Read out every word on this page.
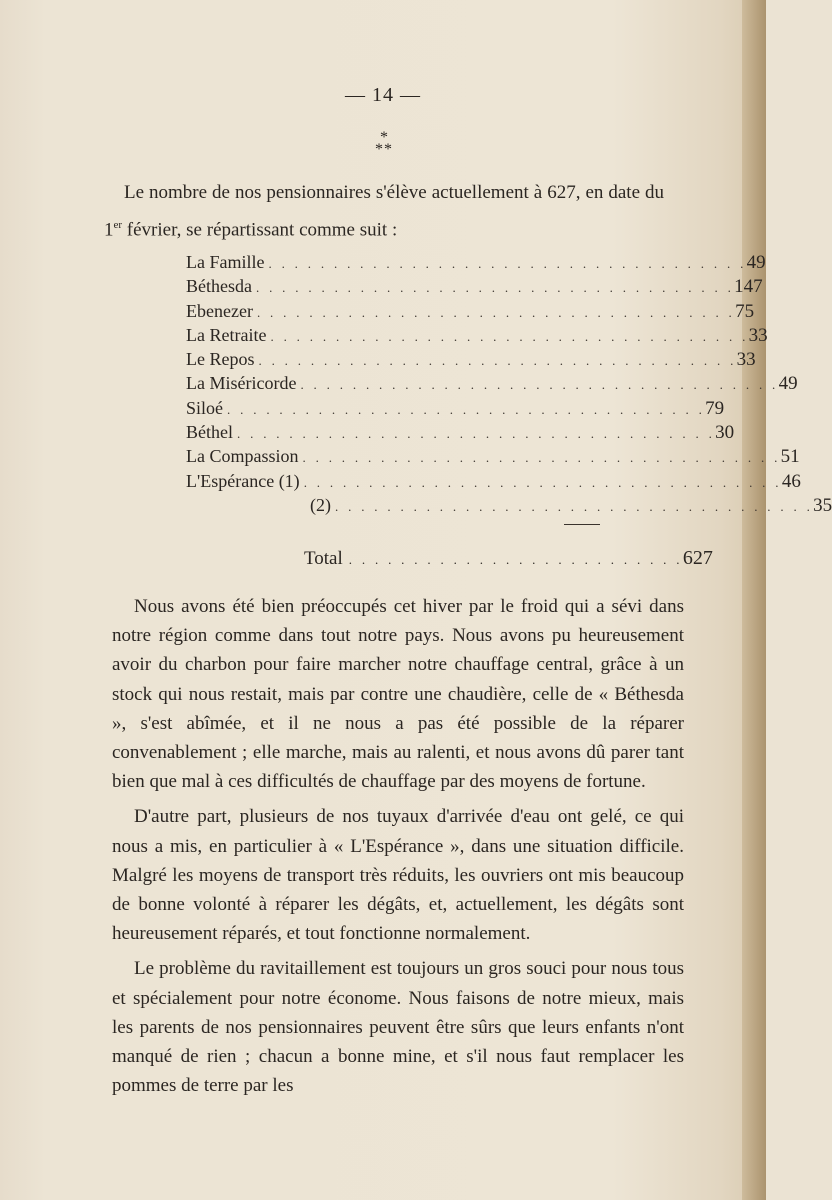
— 14 —
*
**
Le nombre de nos pensionnaires s'élève actuellement à 627, en date du 1er février, se répartissant comme suit :
La Famille . . . . . . . . . . . . . . . . . . . . . . . . . . . . . . . . . . . . . 49
Béthesda . . . . . . . . . . . . . . . . . . . . . . . . . . . . . . . . . . . . . 147
Ebenezer . . . . . . . . . . . . . . . . . . . . . . . . . . . . . . . . . . . . . 75
La Retraite . . . . . . . . . . . . . . . . . . . . . . . . . . . . . . . . . . . . . 33
Le Repos . . . . . . . . . . . . . . . . . . . . . . . . . . . . . . . . . . . . . 33
La Miséricorde . . . . . . . . . . . . . . . . . . . . . . . . . . . . . . . . . . . . . 49
Siloé . . . . . . . . . . . . . . . . . . . . . . . . . . . . . . . . . . . . . 79
Béthel . . . . . . . . . . . . . . . . . . . . . . . . . . . . . . . . . . . . . 30
La Compassion . . . . . . . . . . . . . . . . . . . . . . . . . . . . . . . . . . . . . 51
L'Espérance (1) . . . . . . . . . . . . . . . . . . . . . . . . . . . . . . . . . . . . . 46
(2) . . . . . . . . . . . . . . . . . . . . . . . . . . . . . . . . . . . . . 35
Total . . . . . . . . . . . . . . . . . . . . . . . . . . 627

Nous avons été bien préoccupés cet hiver par le froid qui a sévi dans notre région comme dans tout notre pays. Nous avons pu heureusement avoir du charbon pour faire marcher notre chauffage central, grâce à un stock qui nous restait, mais par contre une chaudière, celle de « Béthesda », s'est abîmée, et il ne nous a pas été possible de la réparer convenablement ; elle marche, mais au ralenti, et nous avons dû parer tant bien que mal à ces difficultés de chauffage par des moyens de fortune.

D'autre part, plusieurs de nos tuyaux d'arrivée d'eau ont gelé, ce qui nous a mis, en particulier à « L'Espérance », dans une situation difficile. Malgré les moyens de transport très réduits, les ouvriers ont mis beaucoup de bonne volonté à réparer les dégâts, et, actuellement, les dégâts sont heureusement réparés, et tout fonctionne normalement.

Le problème du ravitaillement est toujours un gros souci pour nous tous et spécialement pour notre économe. Nous faisons de notre mieux, mais les parents de nos pensionnaires peuvent être sûrs que leurs enfants n'ont manqué de rien ; chacun a bonne mine, et s'il nous faut remplacer les pommes de terre par les
